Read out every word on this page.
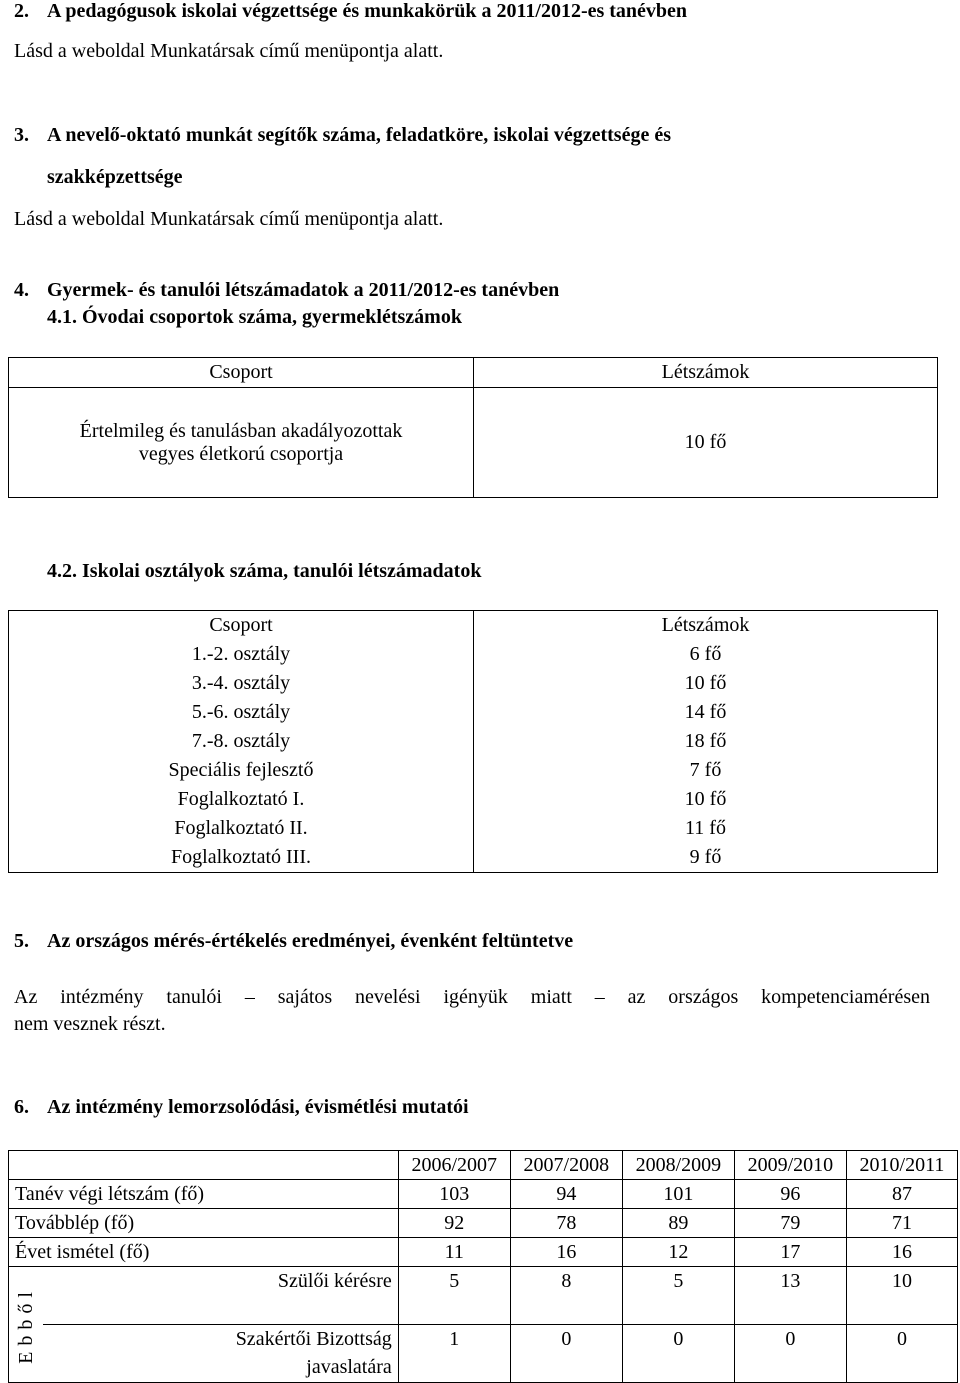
2. A pedagógusok iskolai végzettsége és munkakörük a 2011/2012-es tanévben
Lásd a weboldal Munkatársak című menüpontja alatt.
3. A nevelő-oktató munkát segítők száma, feladatköre, iskolai végzettsége és
szakképzettsége
Lásd a weboldal Munkatársak című menüpontja alatt.
4. Gyermek- és tanulói létszámadatok a 2011/2012-es tanévben
4.1. Óvodai csoportok száma, gyermeklétszámok
Csoport	Létszámok

Értelmileg és tanulásban akadályozottak
vegyes életkorú csoportja	10 fő
4.2. Iskolai osztályok száma, tanulói létszámadatok
Csoport	Létszámok
1.-2. osztály	6 fő
3.-4. osztály	10 fő
5.-6. osztály	14 fő
7.-8. osztály	18 fő
Speciális fejlesztő	7 fő
Foglalkoztató I.	10 fő
Foglalkoztató II.	11 fő
Foglalkoztató III.	9 fő
5. Az országos mérés-értékelés eredményei, évenként feltüntetve
Az intézmény tanulói – sajátos nevelési igényük miatt – az országos kompetenciamérésen
nem vesznek részt.
6. Az intézmény lemorzsolódási, évismétlési mutatói
		2006/2007	2007/2008	2008/2009	2009/2010	2010/2011
Tanév végi létszám (fő)		103	94	101	96	87
Továbblép (fő)		92	78	89	79	71
Évet ismétel (fő)		11	16	12	17	16

Ebből	Szülői kérésre	5	8	5	13	10

	Szakértői Bizottság
javaslatára	1	0	0	0	0
